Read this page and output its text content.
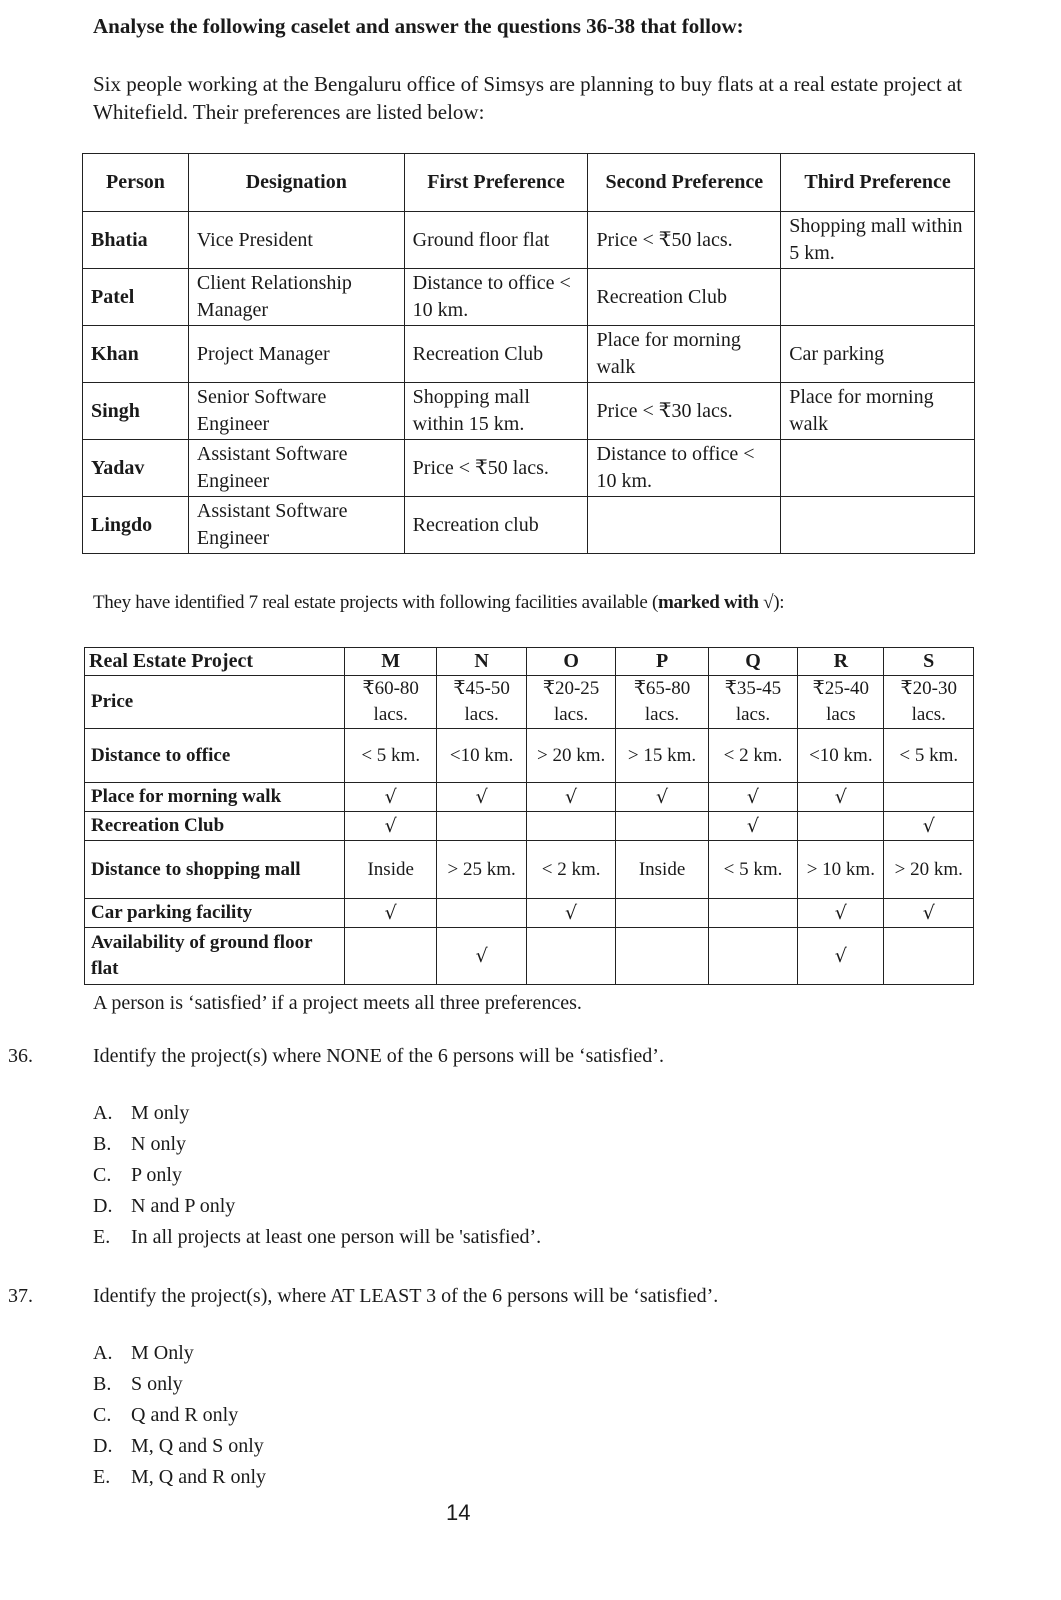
Analyse the following caselet and answer the questions 36-38 that follow:
Six people working at the Bengaluru office of Simsys are planning to buy flats at a real estate project at Whitefield. Their preferences are listed below:
Person	Designation	First Preference	Second Preference	Third Preference
Bhatia	Vice President	Ground floor flat	Price < ₹50 lacs.	Shopping mall within 5 km.
Patel	Client Relationship Manager	Distance to office < 10 km.	Recreation Club	
Khan	Project Manager	Recreation Club	Place for morning walk	Car parking
Singh	Senior Software Engineer	Shopping mall within 15 km.	Price < ₹30 lacs.	Place for morning walk
Yadav	Assistant Software Engineer	Price < ₹50 lacs.	Distance to office < 10 km.	
Lingdo	Assistant Software Engineer	Recreation club		
They have identified 7 real estate projects with following facilities available (marked with √):
Real Estate Project	M	N	O	P	Q	R	S
Price	₹60-80 lacs.	₹45-50 lacs.	₹20-25 lacs.	₹65-80 lacs.	₹35-45 lacs.	₹25-40 lacs	₹20-30 lacs.
Distance to office	< 5 km.	<10 km.	> 20 km.	> 15 km.	< 2 km.	<10 km.	< 5 km.
Place for morning walk	√	√	√	√	√	√	
Recreation Club	√				√		√
Distance to shopping mall	Inside	> 25 km.	< 2 km.	Inside	< 5 km.	> 10 km.	> 20 km.
Car parking facility	√		√			√	√
Availability of ground floor flat		√				√	
A person is ‘satisfied’ if a project meets all three preferences.
36.	Identify the project(s) where NONE of the 6 persons will be ‘satisfied’.
A. M only
B. N only
C. P only
D. N and P only
E. In all projects at least one person will be 'satisfied’.
37.	Identify the project(s), where AT LEAST 3 of the 6 persons will be ‘satisfied’.
A. M Only
B. S only
C. Q and R only
D. M, Q and S only
E. M, Q and R only
14
